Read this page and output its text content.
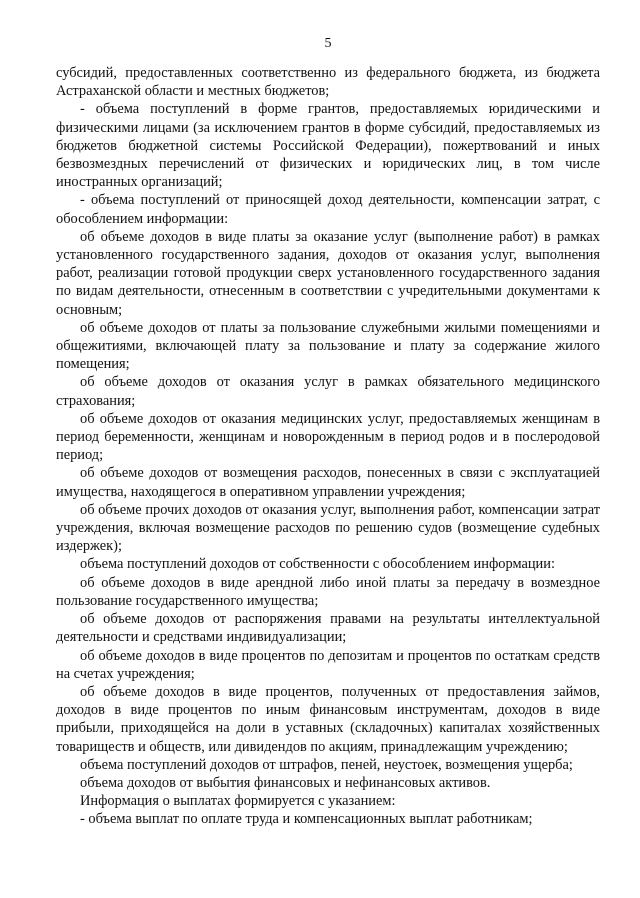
5

субсидий, предоставленных соответственно из федерального бюджета, из бюджета Астраханской области и местных бюджетов;

- объема поступлений в форме грантов, предоставляемых юридическими и физическими лицами (за исключением грантов в форме субсидий, предоставляемых из бюджетов бюджетной системы Российской Федерации), пожертвований и иных безвозмездных перечислений от физических и юридических лиц, в том числе иностранных организаций;

- объема поступлений от приносящей доход деятельности, компенсации затрат, с обособлением информации:

об объеме доходов в виде платы за оказание услуг (выполнение работ) в рамках установленного государственного задания, доходов от оказания услуг, выполнения работ, реализации готовой продукции сверх установленного государственного задания по видам деятельности, отнесенным в соответствии с учредительными документами к основным;

об объеме доходов от платы за пользование служебными жилыми помещениями и общежитиями, включающей плату за пользование и плату за содержание жилого помещения;

об объеме доходов от оказания услуг в рамках обязательного медицинского страхования;

об объеме доходов от оказания медицинских услуг, предоставляемых женщинам в период беременности, женщинам и новорожденным в период родов и в послеродовой период;

об объеме доходов от возмещения расходов, понесенных в связи с эксплуатацией имущества, находящегося в оперативном управлении учреждения;

об объеме прочих доходов от оказания услуг, выполнения работ, компенсации затрат учреждения, включая возмещение расходов по решению судов (возмещение судебных издержек);

объема поступлений доходов от собственности с обособлением информации:

об объеме доходов в виде арендной либо иной платы за передачу в возмездное пользование государственного имущества;

об объеме доходов от распоряжения правами на результаты интеллектуальной деятельности и средствами индивидуализации;

об объеме доходов в виде процентов по депозитам и процентов по остаткам средств на счетах учреждения;

об объеме доходов в виде процентов, полученных от предоставления займов, доходов в виде процентов по иным финансовым инструментам, доходов в виде прибыли, приходящейся на доли в уставных (складочных) капиталах хозяйственных товариществ и обществ, или дивидендов по акциям, принадлежащим учреждению;

объема поступлений доходов от штрафов, пеней, неустоек, возмещения ущерба;

объема доходов от выбытия финансовых и нефинансовых активов.

Информация о выплатах формируется с указанием:

- объема выплат по оплате труда и компенсационных выплат работникам;
